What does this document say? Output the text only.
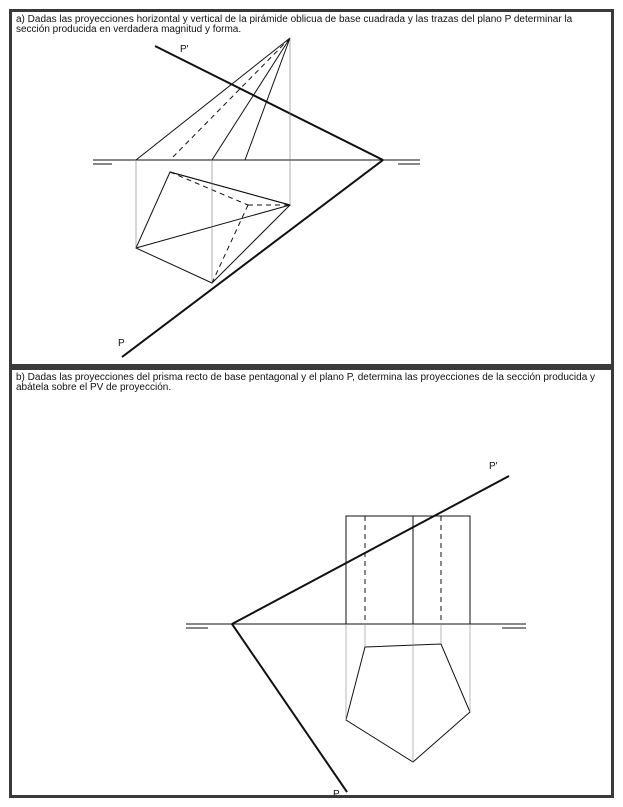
a) Dadas las proyecciones horizontal y vertical de la pirámide oblicua de base cuadrada y las trazas del plano P determinar la sección producida en verdadera magnitud y forma.

P'
P

b) Dadas las proyecciones del prisma recto de base pentagonal y el plano P, determina las proyecciones de la sección producida y abátela sobre el PV de proyección.

P'
P
